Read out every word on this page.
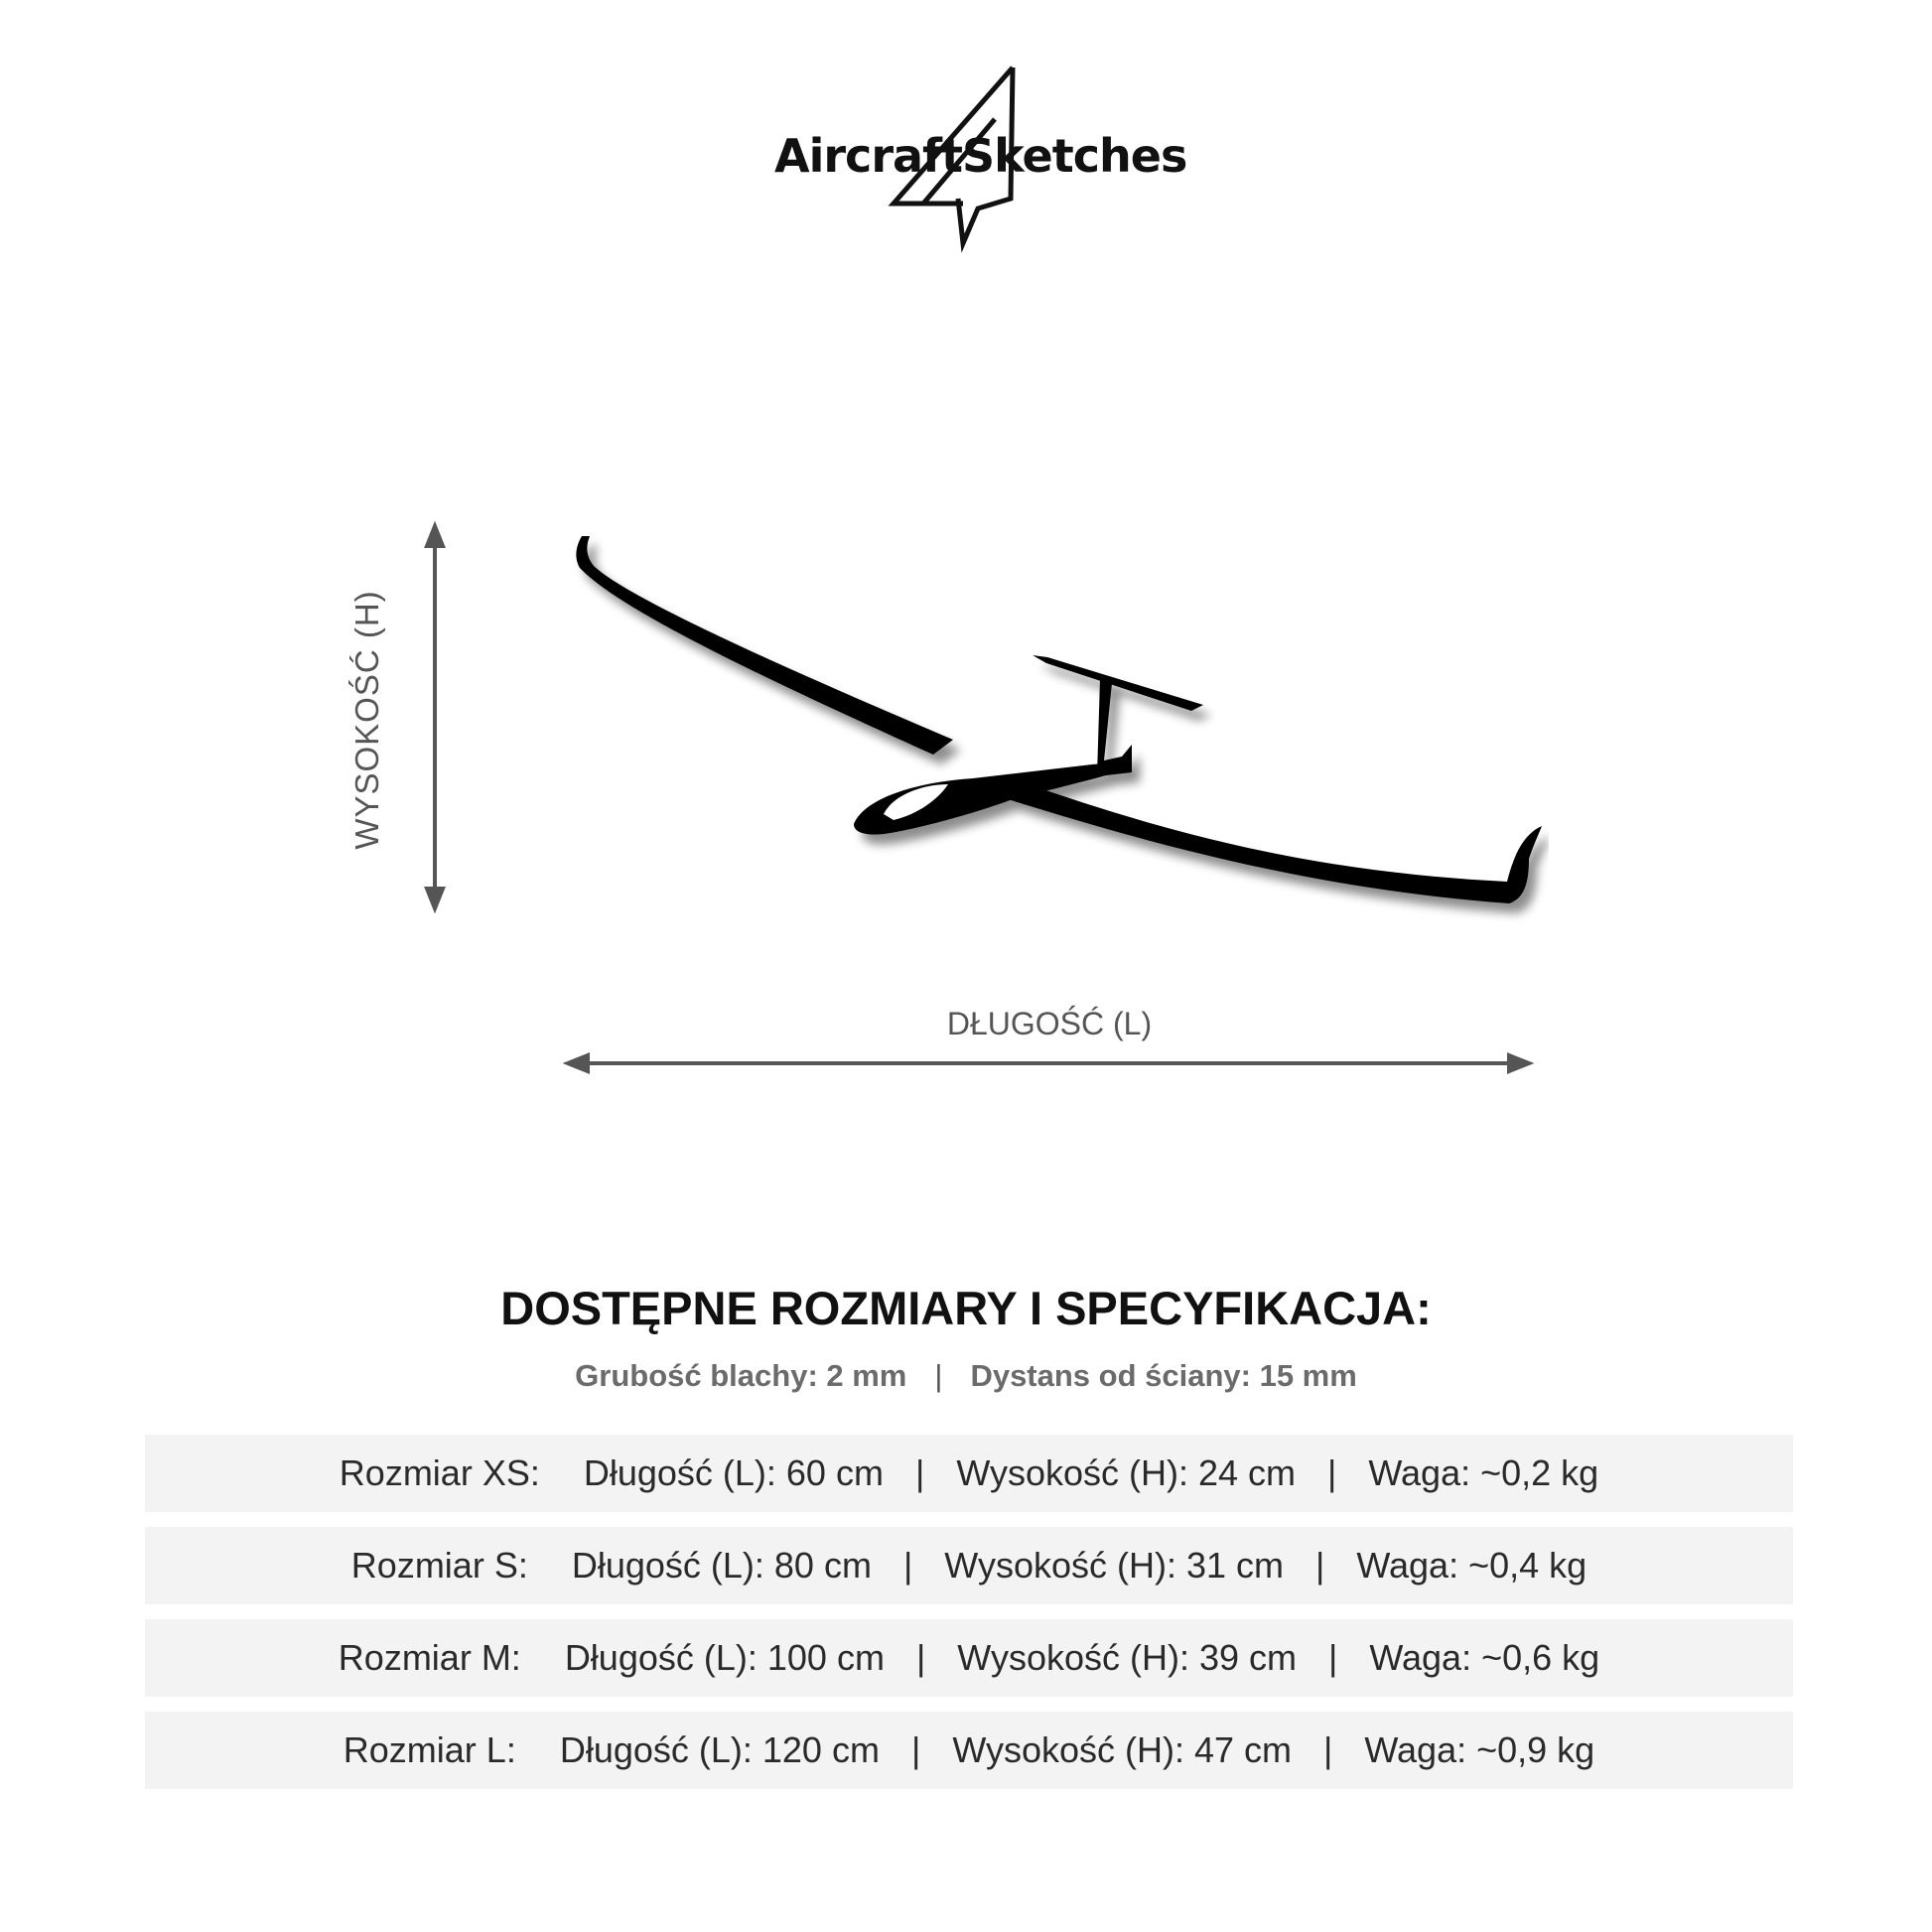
AircraftSketches
WYSOKOŚĆ (H)
DŁUGOŚĆ (L)
DOSTĘPNE ROZMIARY I SPECYFIKACJA:
Grubość blachy: 2 mm | Dystans od ściany: 15 mm
Rozmiar XS: Długość (L): 60 cm | Wysokość (H): 24 cm | Waga: ~0,2 kg
Rozmiar S: Długość (L): 80 cm | Wysokość (H): 31 cm | Waga: ~0,4 kg
Rozmiar M: Długość (L): 100 cm | Wysokość (H): 39 cm | Waga: ~0,6 kg
Rozmiar L: Długość (L): 120 cm | Wysokość (H): 47 cm | Waga: ~0,9 kg
